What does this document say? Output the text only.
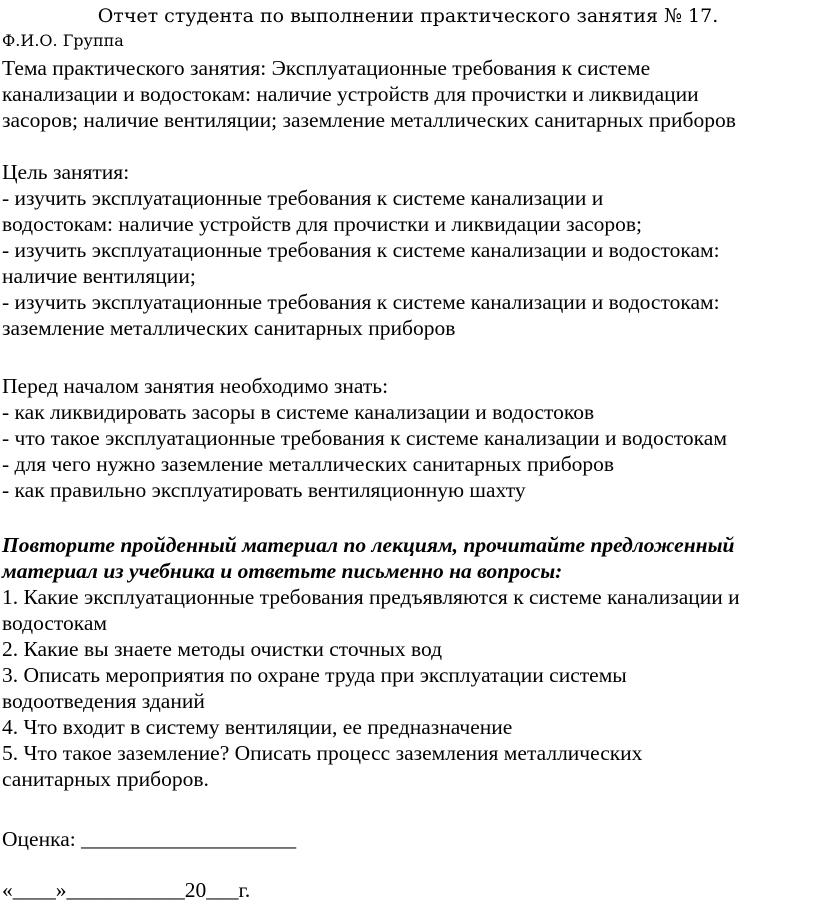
Отчет студента по выполнении практического занятия № 17.
Ф.И.О. Группа
Тема практического занятия: Эксплуатационные требования к системе
канализации и водостокам: наличие устройств для прочистки и ликвидации
засоров; наличие вентиляции; заземление металлических санитарных приборов
Цель занятия:
- изучить эксплуатационные требования к системе канализации и
водостокам: наличие устройств для прочистки и ликвидации засоров;
- изучить эксплуатационные требования к системе канализации и водостокам:
наличие вентиляции;
- изучить эксплуатационные требования к системе канализации и водостокам:
заземление металлических санитарных приборов
Перед началом занятия необходимо знать:
- как ликвидировать засоры в системе канализации и водостоков
- что такое эксплуатационные требования к системе канализации и водостокам
- для чего нужно заземление металлических санитарных приборов
- как правильно эксплуатировать вентиляционную шахту
Повторите пройденный материал по лекциям, прочитайте предложенный
материал из учебника и ответьте письменно на вопросы:
1. Какие эксплуатационные требования предъявляются к системе канализации и
водостокам
2. Какие вы знаете методы очистки сточных вод
3. Описать мероприятия по охране труда при эксплуатации системы
водоотведения зданий
4. Что входит в систему вентиляции, ее предназначение
5. Что такое заземление? Описать процесс заземления металлических
санитарных приборов.
Оценка: ____________________
«____»___________20___г.
